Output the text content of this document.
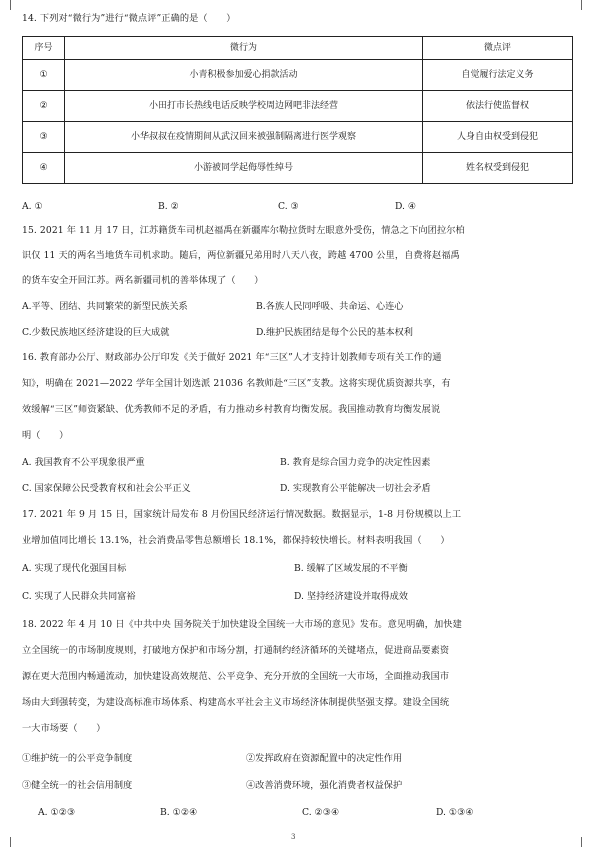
14. 下列对“微行为”进行“微点评”正确的是（　　）
序号	微行为	微点评
①	小青积极参加爱心捐款活动	自觉履行法定义务
②	小田打市长热线电话反映学校周边网吧非法经营	依法行使监督权
③	小华叔叔在疫情期间从武汉回来被强制隔离进行医学观察	人身自由权受到侵犯
④	小游被同学起侮辱性绰号	姓名权受到侵犯
A. ①	B. ②	C. ③	D. ④
15. 2021 年 11 月 17 日，江苏籍货车司机赵福禹在新疆库尔勒拉货时左眼意外受伤，情急之下向团拉尔柏
识仅 11 天的两名当地货车司机求助。随后，两位新疆兄弟用时八天八夜，跨越 4700 公里，自费将赵福禹
的货车安全开回江苏。两名新疆司机的善举体现了（　　）
A.平等、团结、共同繁荣的新型民族关系	B.各族人民同呼吸、共命运、心连心
C.少数民族地区经济建设的巨大成就	D.维护民族团结是每个公民的基本权利
16. 教育部办公厅、财政部办公厅印发《关于做好 2021 年“三区”人才支持计划教师专项有关工作的通
知》，明确在 2021—2022 学年全国计划选派 21036 名教师赴“三区”支教。这将实现优质资源共享，有
效缓解“三区”师资紧缺、优秀教师不足的矛盾，有力推动乡村教育均衡发展。我国推动教育均衡发展说
明（　　）
A. 我国教育不公平现象很严重	B. 教育是综合国力竞争的决定性因素
C. 国家保障公民受教育权和社会公平正义	D. 实现教育公平能解决一切社会矛盾
17. 2021 年 9 月 15 日，国家统计局发布 8 月份国民经济运行情况数据。数据显示，1-8 月份规模以上工
业增加值同比增长 13.1%，社会消费品零售总额增长 18.1%，都保持较快增长。材料表明我国（　　）
A. 实现了现代化强国目标	B. 缓解了区域发展的不平衡
C. 实现了人民群众共同富裕	D. 坚持经济建设并取得成效
18. 2022 年 4 月 10 日《中共中央 国务院关于加快建设全国统一大市场的意见》发布。意见明确，加快建
立全国统一的市场制度规则，打破地方保护和市场分割，打通制约经济循环的关键堵点，促进商品要素资
源在更大范围内畅通流动，加快建设高效规范、公平竞争、充分开放的全国统一大市场，全面推动我国市
场由大到强转变，为建设高标准市场体系、构建高水平社会主义市场经济体制提供坚强支撑。建设全国统
一大市场要（　　）
①维护统一的公平竞争制度	②发挥政府在资源配置中的决定性作用
③健全统一的社会信用制度	④改善消费环境，强化消费者权益保护
A. ①②③	B. ①②④	C. ②③④	D. ①③④
3
